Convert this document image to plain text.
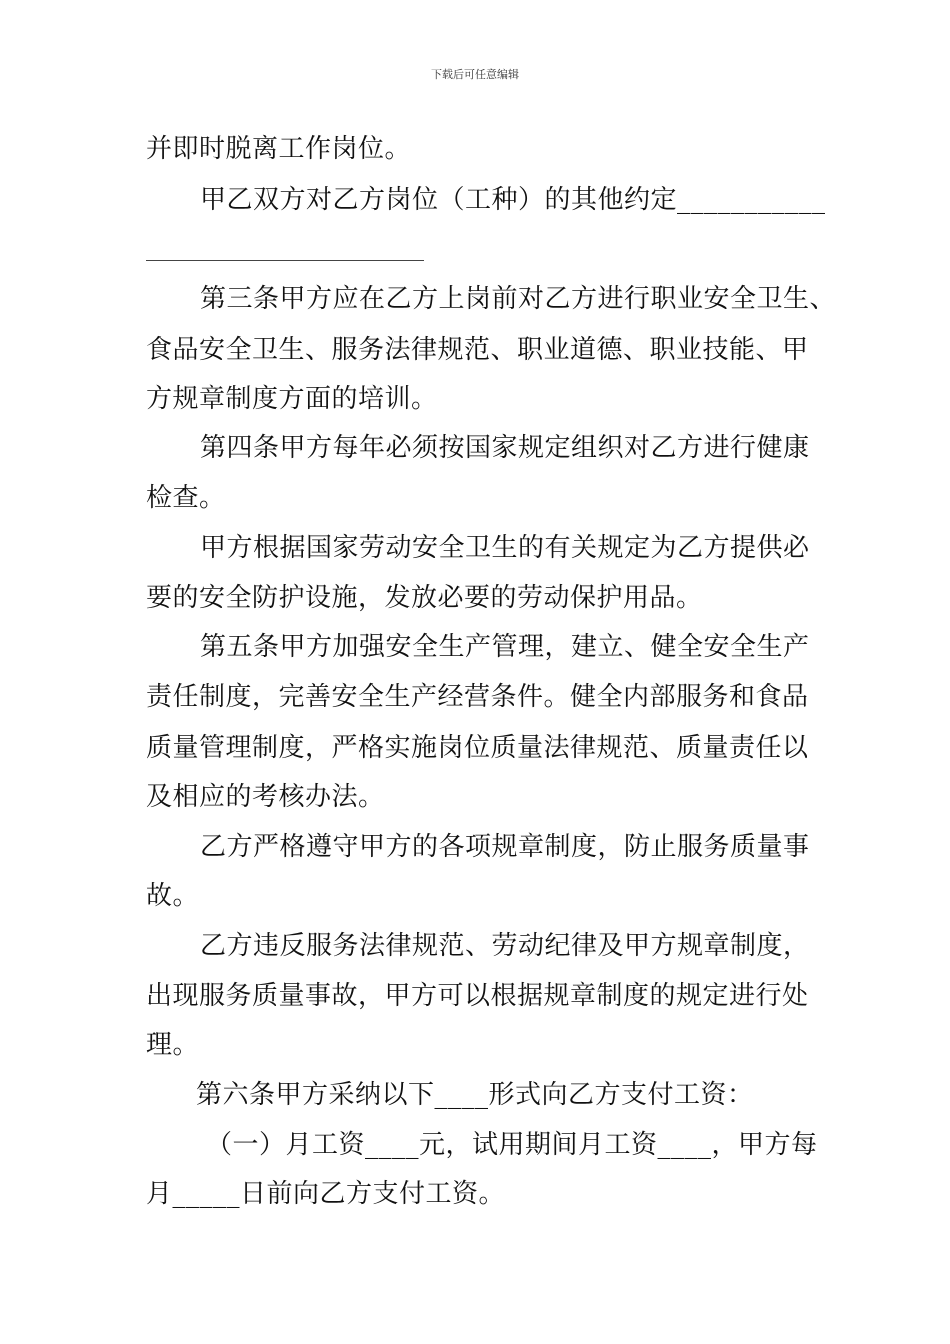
下载后可任意编辑
并即时脱离工作岗位。
甲乙双方对乙方岗位（工种）的其他约定___________
第三条甲方应在乙方上岗前对乙方进行职业安全卫生、
食品安全卫生、服务法律规范、职业道德、职业技能、甲
方规章制度方面的培训。
第四条甲方每年必须按国家规定组织对乙方进行健康
检查。
甲方根据国家劳动安全卫生的有关规定为乙方提供必
要的安全防护设施，发放必要的劳动保护用品。
第五条甲方加强安全生产管理，建立、健全安全生产
责任制度，完善安全生产经营条件。健全内部服务和食品
质量管理制度，严格实施岗位质量法律规范、质量责任以
及相应的考核办法。
乙方严格遵守甲方的各项规章制度，防止服务质量事
故。
乙方违反服务法律规范、劳动纪律及甲方规章制度，
出现服务质量事故，甲方可以根据规章制度的规定进行处
理。
第六条甲方采纳以下____形式向乙方支付工资：
（一）月工资____元，试用期间月工资____，甲方每
月_____日前向乙方支付工资。
